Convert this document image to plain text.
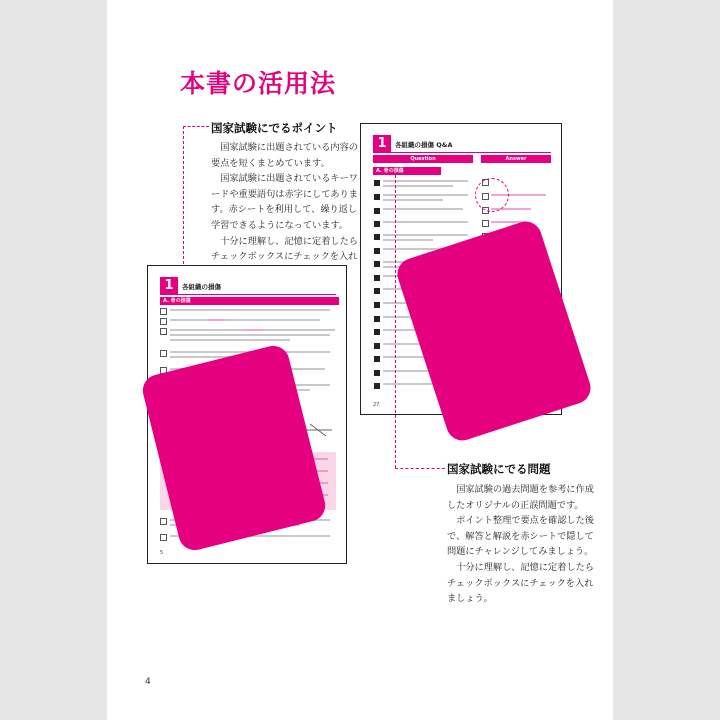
本書の活用法
国家試験にでるポイント
国家試験に出題されている内容の要点を短くまとめています。
国家試験に出題されているキーワードや重要語句は赤字にしてあります。赤シートを利用して、繰り返し学習できるようになっています。
十分に理解し、記憶に定着したらチェックボックスにチェックを入れ
1	各組織の損傷 Q&A
Question	Answer
A. 骨の損傷
27
1	各組織の損傷
A. 骨の損傷
5
国家試験にでる問題
国家試験の過去問題を参考に作成したオリジナルの正誤問題です。
ポイント整理で要点を確認した後で、解答と解説を赤シートで隠して問題にチャレンジしてみましょう。
十分に理解し、記憶に定着したらチェックボックスにチェックを入れましょう。
4
